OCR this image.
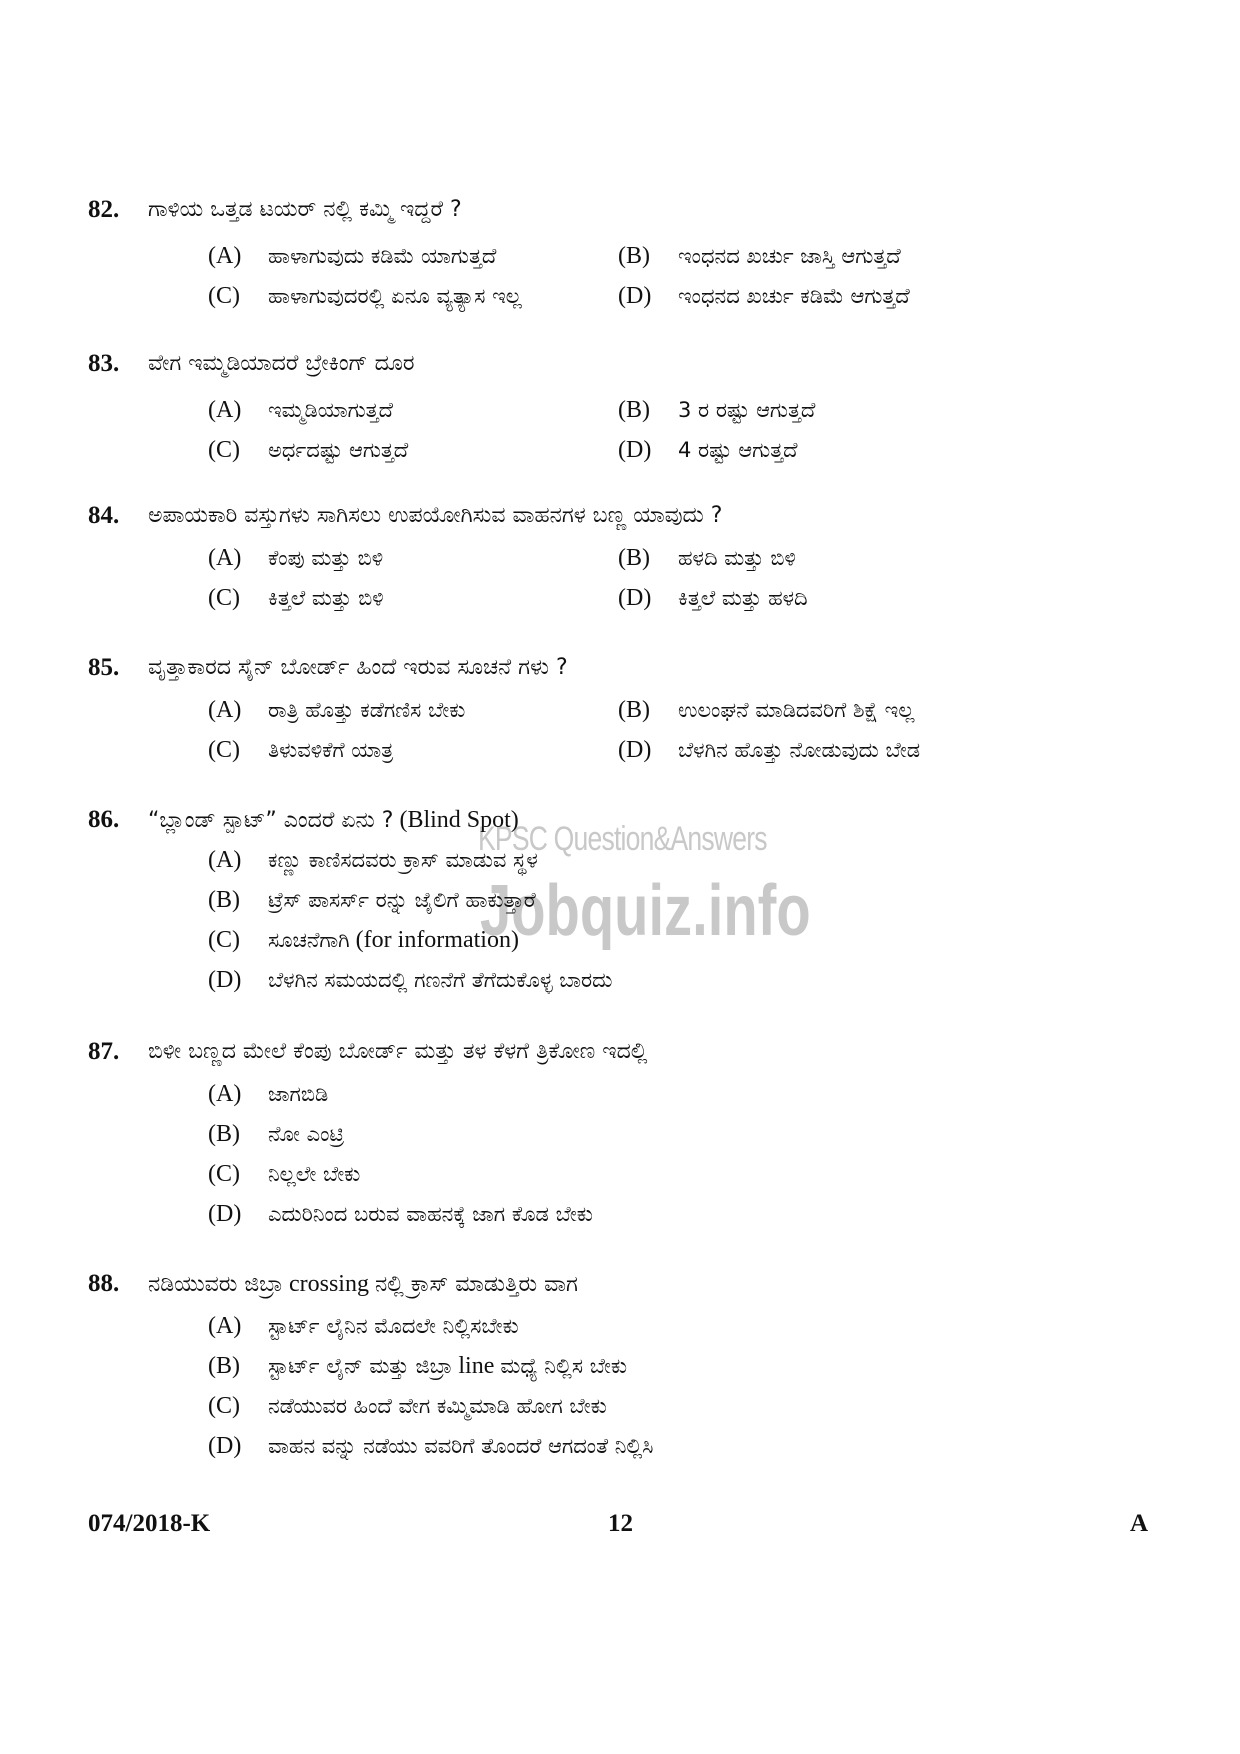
KPSC Question&Answers
Jobquiz.info
82. ಗಾಳಿಯ ಒತ್ತಡ ಟಯರ್ ನಲ್ಲಿ ಕಮ್ಮಿ ಇದ್ದರೆ ?
(A) ಹಾಳಾಗುವುದು ಕಡಿಮೆ ಯಾಗುತ್ತದೆ	(B) ಇಂಧನದ ಖರ್ಚು ಜಾಸ್ತಿ ಆಗುತ್ತದೆ
(C) ಹಾಳಾಗುವುದರಲ್ಲಿ ಏನೂ ವ್ಯತ್ಯಾಸ ಇಲ್ಲ	(D) ಇಂಧನದ ಖರ್ಚು ಕಡಿಮೆ ಆಗುತ್ತದೆ
83. ವೇಗ ಇಮ್ಮಡಿಯಾದರೆ ಬ್ರೇಕಿಂಗ್ ದೂರ
(A) ಇಮ್ಮಡಿಯಾಗುತ್ತದೆ	(B) 3 ರ ರಷ್ಟು ಆಗುತ್ತದೆ
(C) ಅರ್ಧದಷ್ಟು ಆಗುತ್ತದೆ	(D) 4 ರಷ್ಟು ಆಗುತ್ತದೆ
84. ಅಪಾಯಕಾರಿ ವಸ್ತುಗಳು ಸಾಗಿಸಲು ಉಪಯೋಗಿಸುವ ವಾಹನಗಳ ಬಣ್ಣ ಯಾವುದು ?
(A) ಕೆಂಪು ಮತ್ತು ಬಿಳಿ	(B) ಹಳದಿ ಮತ್ತು ಬಿಳಿ
(C) ಕಿತ್ತಲೆ ಮತ್ತು ಬಿಳಿ	(D) ಕಿತ್ತಲೆ ಮತ್ತು ಹಳದಿ
85. ವೃತ್ತಾಕಾರದ ಸೈನ್ ಬೋರ್ಡ್ ಹಿಂದೆ ಇರುವ ಸೂಚನೆ ಗಳು ?
(A) ರಾತ್ರಿ ಹೊತ್ತು ಕಡೆಗಣಿಸ ಬೇಕು	(B) ಉಲಂಘನೆ ಮಾಡಿದವರಿಗೆ ಶಿಕ್ಷೆ ಇಲ್ಲ
(C) ತಿಳುವಳಿಕೆಗೆ ಯಾತ್ರ	(D) ಬೆಳಗಿನ ಹೊತ್ತು ನೋಡುವುದು ಬೇಡ
86. “ಬ್ಲಾಂಡ್ ಸ್ಪಾಟ್” ಎಂದರೆ ಏನು ? (Blind Spot)
(A) ಕಣ್ಣು ಕಾಣಿಸದವರು ಕ್ರಾಸ್ ಮಾಡುವ ಸ್ಥಳ
(B) ಟ್ರೆಸ್ ಪಾಸರ್ಸ್ ರನ್ನು ಜೈಲಿಗೆ ಹಾಕುತ್ತಾರೆ
(C) ಸೂಚನೆಗಾಗಿ (for information)
(D) ಬೆಳಗಿನ ಸಮಯದಲ್ಲಿ ಗಣನೆಗೆ ತೆಗೆದುಕೊಳ್ಳ ಬಾರದು
87. ಬಿಳೀ ಬಣ್ಣದ ಮೇಲೆ ಕೆಂಪು ಬೋರ್ಡ್ ಮತ್ತು ತಳ ಕೆಳಗೆ ತ್ರಿಕೋಣ ಇದಲ್ಲಿ
(A) ಜಾಗಬಿಡಿ
(B) ನೋ ಎಂಟ್ರಿ
(C) ನಿಲ್ಲಲೇ ಬೇಕು
(D) ಎದುರಿನಿಂದ ಬರುವ ವಾಹನಕ್ಕೆ ಜಾಗ ಕೊಡ ಬೇಕು
88. ನಡಿಯುವರು ಜಿಬ್ರಾ crossing ನಲ್ಲಿ ಕ್ರಾಸ್ ಮಾಡುತ್ತಿರು ವಾಗ
(A) ಸ್ಟಾರ್ಟ್ ಲೈನಿನ ಮೊದಲೇ ನಿಲ್ಲಿಸಬೇಕು
(B) ಸ್ಟಾರ್ಟ್ ಲೈನ್ ಮತ್ತು ಜಿಬ್ರಾ line ಮಧ್ಯೆ ನಿಲ್ಲಿಸ ಬೇಕು
(C) ನಡೆಯುವರ ಹಿಂದೆ ವೇಗ ಕಮ್ಮಿಮಾಡಿ ಹೋಗ ಬೇಕು
(D) ವಾಹನ ವನ್ನು ನಡೆಯು ವವರಿಗೆ ತೊಂದರೆ ಆಗದಂತೆ ನಿಲ್ಲಿಸಿ
074/2018-K	12	A
